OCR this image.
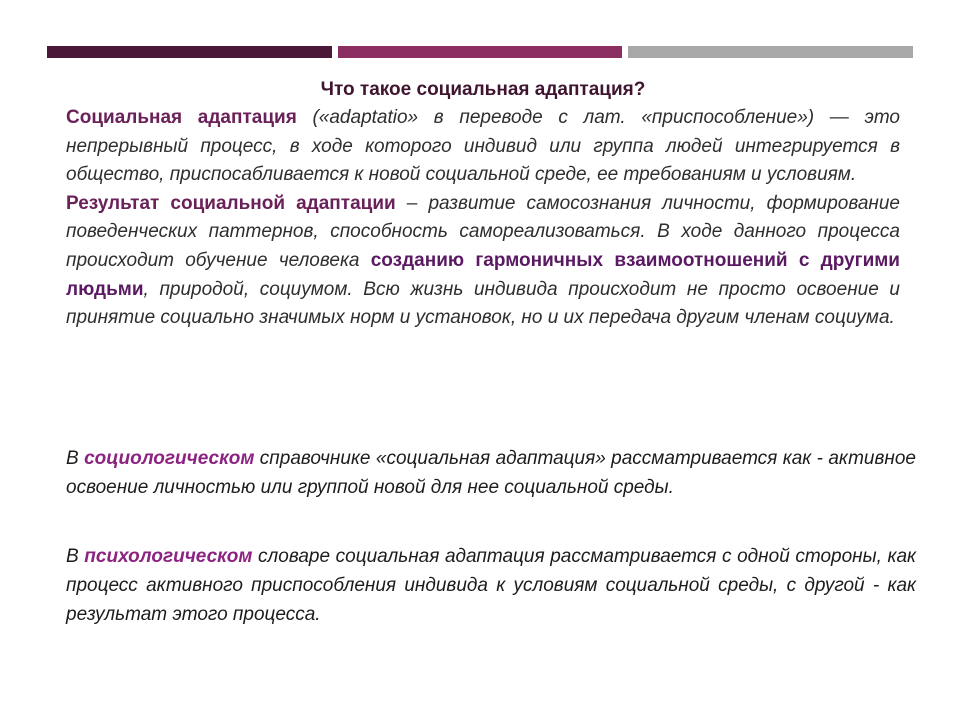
Что такое социальная адаптация?

Социальная адаптация («adaptatio» в переводе с лат. «приспособление») — это непрерывный процесс, в ходе которого индивид или группа людей интегрируется в общество, приспосабливается к новой социальной среде, ее требованиям и условиям.

Результат социальной адаптации – развитие самосознания личности, формирование поведенческих паттернов, способность самореализоваться. В ходе данного процесса происходит обучение человека созданию гармоничных взаимоотношений с другими людьми, природой, социумом. Всю жизнь индивида происходит не просто освоение и принятие социально значимых норм и установок, но и их передача другим членам социума.

В социологическом справочнике «социальная адаптация» рассматривается как - активное освоение личностью или группой новой для нее социальной среды.

В психологическом словаре социальная адаптация рассматривается с одной стороны, как процесс активного приспособления индивида к условиям социальной среды, с другой - как результат этого процесса.
